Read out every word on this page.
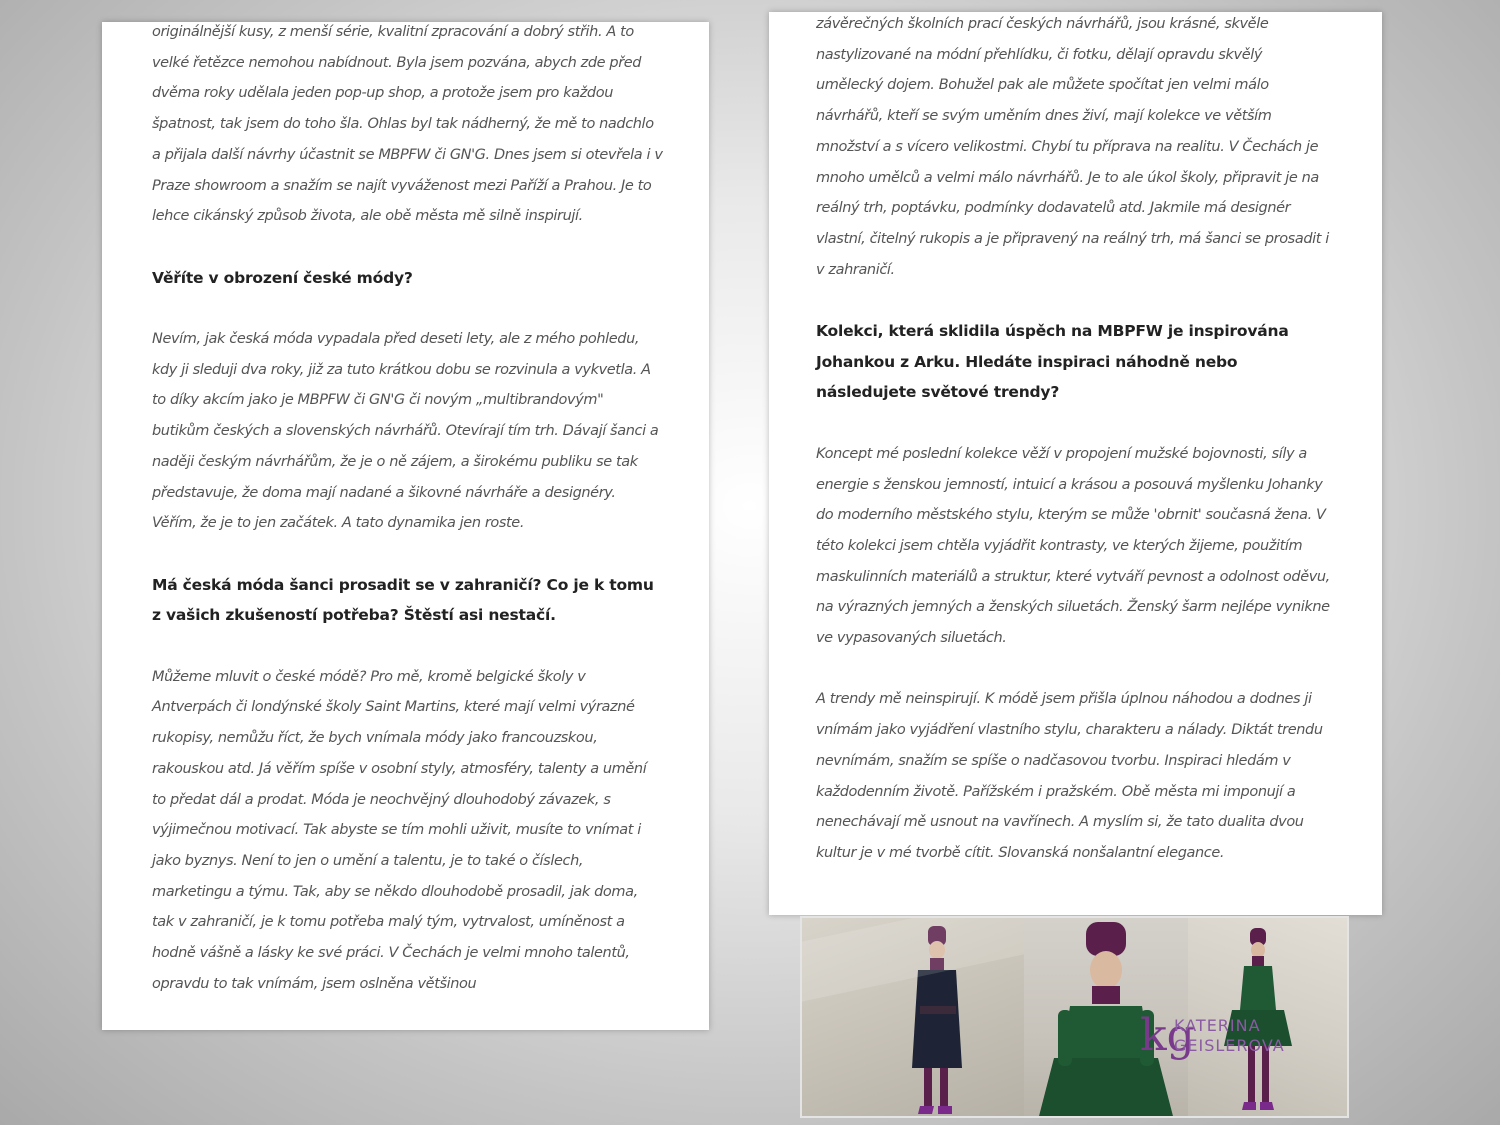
originálnější kusy, z menší série, kvalitní zpracování a dobrý střih. A to velké řetězce nemohou nabídnout. Byla jsem pozvána, abych zde před dvěma roky udělala jeden pop-up shop, a protože jsem pro každou špatnost, tak jsem do toho šla. Ohlas byl tak nádherný, že mě to nadchlo a přijala další návrhy účastnit se MBPFW či GN'G. Dnes jsem si otevřela i v Praze showroom a snažím se najít vyváženost mezi Paříží a Prahou. Je to lehce cikánský způsob života, ale obě města mě silně inspirují.

Věříte v obrození české módy?

Nevím, jak česká móda vypadala před deseti lety, ale z mého pohledu, kdy ji sleduji dva roky, již za tuto krátkou dobu se rozvinula a vykvetla. A to díky akcím jako je MBPFW či GN'G či novým „multibrandovým" butikům českých a slovenských návrhářů. Otevírají tím trh. Dávají šanci a naději českým návrhářům, že je o ně zájem, a širokému publiku se tak představuje, že doma mají nadané a šikovné návrháře a designéry. Věřím, že je to jen začátek. A tato dynamika jen roste.

Má česká móda šanci prosadit se v zahraničí? Co je k tomu z vašich zkušeností potřeba? Štěstí asi nestačí.

Můžeme mluvit o české módě? Pro mě, kromě belgické školy v Antverpách či londýnské školy Saint Martins, které mají velmi výrazné rukopisy, nemůžu říct, že bych vnímala módy jako francouzskou, rakouskou atd. Já věřím spíše v osobní styly, atmosféry, talenty a umění to předat dál a prodat. Móda je neochvějný dlouhodobý závazek, s výjimečnou motivací. Tak abyste se tím mohli uživit, musíte to vnímat i jako byznys. Není to jen o umění a talentu, je to také o číslech, marketingu a týmu. Tak, aby se někdo dlouhodobě prosadil, jak doma, tak v zahraničí, je k tomu potřeba malý tým, vytrvalost, umíněnost a hodně vášně a lásky ke své práci. V Čechách je velmi mnoho talentů, opravdu to tak vnímám, jsem oslněna většinou

závěrečných školních prací českých návrhářů, jsou krásné, skvěle nastylizované na módní přehlídku, či fotku, dělají opravdu skvělý umělecký dojem. Bohužel pak ale můžete spočítat jen velmi málo návrhářů, kteří se svým uměním dnes živí, mají kolekce ve větším množství a s vícero velikostmi. Chybí tu příprava na realitu. V Čechách je mnoho umělců a velmi málo návrhářů. Je to ale úkol školy, připravit je na reálný trh, poptávku, podmínky dodavatelů atd. Jakmile má designér vlastní, čitelný rukopis a je připravený na reálný trh, má šanci se prosadit i v zahraničí.

Kolekci, která sklidila úspěch na MBPFW je inspirována Johankou z Arku. Hledáte inspiraci náhodně nebo následujete světové trendy?

Koncept mé poslední kolekce věží v propojení mužské bojovnosti, síly a energie s ženskou jemností, intuicí a krásou a posouvá myšlenku Johanky do moderního městského stylu, kterým se může 'obrnit' současná žena. V této kolekci jsem chtěla vyjádřit kontrasty, ve kterých žijeme, použitím maskulinních materiálů a struktur, které vytváří pevnost a odolnost oděvu, na výrazných jemných a ženských siluetách. Ženský šarm nejlépe vynikne ve vypasovaných siluetách.

A trendy mě neinspirují. K módě jsem přišla úplnou náhodou a dodnes ji vnímám jako vyjádření vlastního stylu, charakteru a nálady. Diktát trendu nevnímám, snažím se spíše o nadčasovou tvorbu. Inspiraci hledám v každodenním životě. Pařížském i pražském. Obě města mi imponují a nenechávají mě usnout na vavřínech. A myslím si, že tato dualita dvou kultur je v mé tvorbě cítit. Slovanská nonšalantní elegance.

kg
KATERINA
GEISLEROVA
